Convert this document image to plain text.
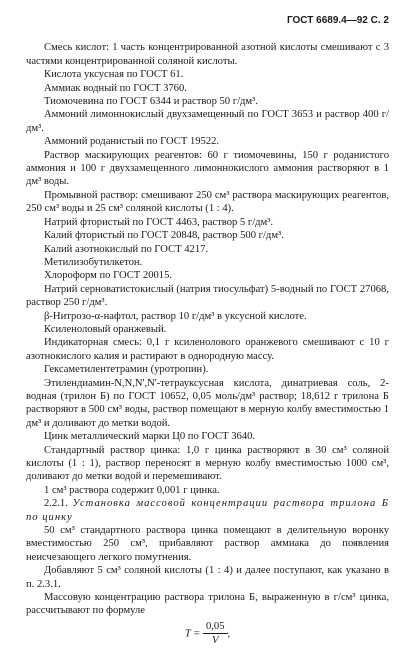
ГОСТ 6689.4—92 С. 2

Смесь кислот: 1 часть концентрированной азотной кислоты смешивают с 3 частями концентрированной соляной кислоты.

Кислота уксусная по ГОСТ 61.

Аммиак водный по ГОСТ 3760.

Тиомочевина по ГОСТ 6344 и раствор 50 г/дм³.

Аммоний лимоннокислый двухзамещенный по ГОСТ 3653 и раствор 400 г/дм³.

Аммоний роданистый по ГОСТ 19522.

Раствор маскирующих реагентов: 60 г тиомочевины, 150 г роданистого аммония и 100 г двухзамещенного лимоннокислого аммония растворяют в 1 дм³ воды.

Промывной раствор: смешивают 250 см³ раствора маскирующих реагентов, 250 см³ воды и 25 см³ соляной кислоты (1 : 4).

Натрий фтористый по ГОСТ 4463, раствор 5 г/дм³.

Калий фтористый по ГОСТ 20848, раствор 500 г/дм³.

Калий азотнокислый по ГОСТ 4217.

Метилизобутилкетон.

Хлороформ по ГОСТ 20015.

Натрий серноватистокислый (натрия тиосульфат) 5-водный по ГОСТ 27068, раствор 250 г/дм³.

β-Нитрозо-α-нафтол, раствор 10 г/дм³ в уксусной кислоте.

Ксиленоловый оранжевый.

Индикаторная смесь: 0,1 г ксиленолового оранжевого смешивают с 10 г азотнокислого калия и растирают в однородную массу.

Гексаметилентетрамин (уротропин).

Этилендиамин-N,N,N',N'-тетрауксусная кислота, динатриевая соль, 2-водная (трилон Б) по ГОСТ 10652, 0,05 моль/дм³ раствор; 18,612 г трилона Б растворяют в 500 см³ воды, раствор помещают в мерную колбу вместимостью 1 дм³ и доливают до метки водой.

Цинк металлический марки Ц0 по ГОСТ 3640.

Стандартный раствор цинка: 1,0 г цинка растворяют в 30 см³ соляной кислоты (1 : 1), раствор переносят в мерную колбу вместимостью 1000 см³, доливают до метки водой и перемешивают.

1 см³ раствора содержит 0,001 г цинка.

2.2.1. Установка массовой концентрации раствора трилона Б по цинку

50 см³ стандартного раствора цинка помещают в делительную воронку вместимостью 250 см³, прибавляют раствор аммиака до появления неисчезающего легкого помутнения.

Добавляют 5 см³ соляной кислоты (1 : 4) и далее поступают, как указано в п. 2.3.1.

Массовую концентрацию раствора трилона Б, выраженную в г/см³ цинка, рассчитывают по формуле

$T = \frac{0,05}{V}$ ,
